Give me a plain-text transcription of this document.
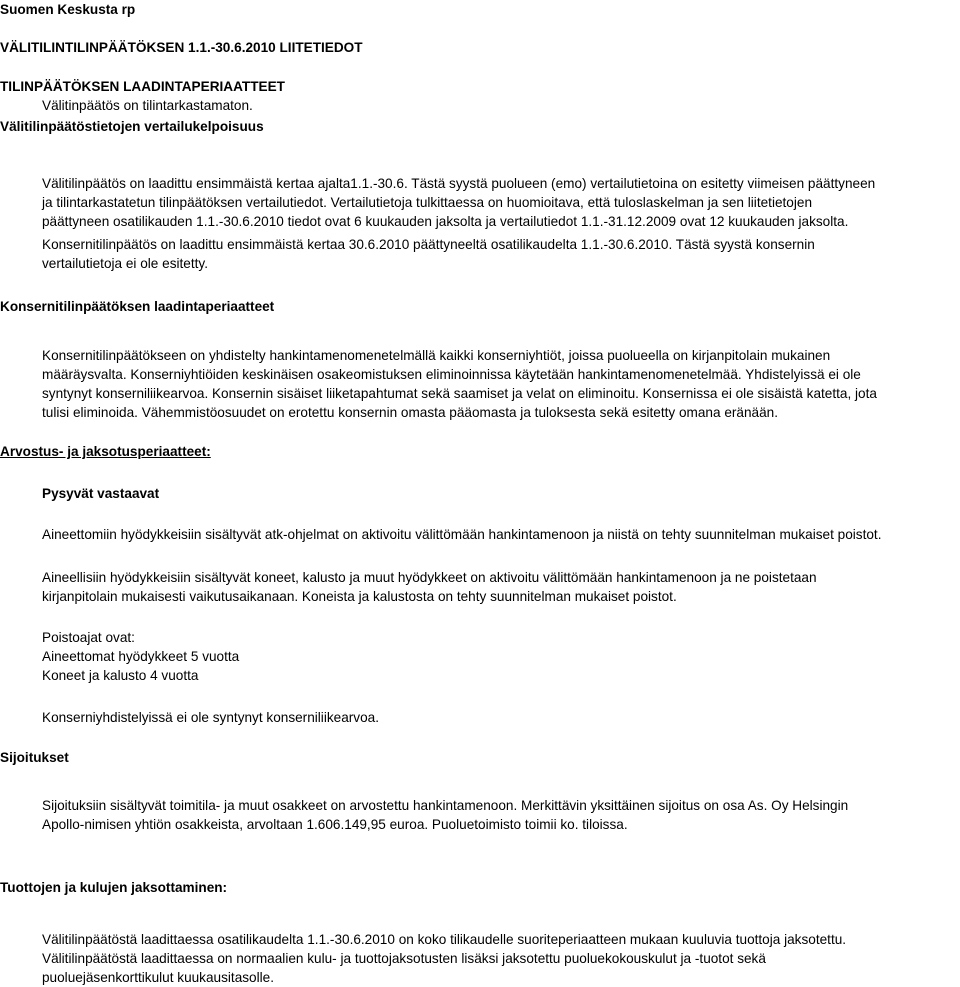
Suomen Keskusta rp

VÄLITILINTILINPÄÄTÖKSEN 1.1.-30.6.2010 LIITETIEDOT

TILINPÄÄTÖKSEN LAADINTAPERIAATTEET

Välitinpäätös on tilintarkastamaton.

Välitilinpäätöstietojen vertailukelpoisuus

Välitilinpäätös on laadittu ensimmäistä kertaa ajalta1.1.-30.6. Tästä syystä puolueen (emo) vertailutietoina on esitetty viimeisen päättyneen
ja tilintarkastatetun tilinpäätöksen vertailutiedot. Vertailutietoja tulkittaessa on huomioitava, että tuloslaskelman ja sen liitetietojen
päättyneen osatilikauden 1.1.-30.6.2010 tiedot ovat 6 kuukauden jaksolta ja vertailutiedot 1.1.-31.12.2009 ovat 12 kuukauden jaksolta.
Konsernitilinpäätös on laadittu ensimmäistä kertaa 30.6.2010 päättyneeltä osatilikaudelta 1.1.-30.6.2010. Tästä syystä konsernin
vertailutietoja ei ole esitetty.

Konsernitilinpäätöksen laadintaperiaatteet

Konsernitilinpäätökseen on yhdistelty hankintamenomenetelmällä kaikki konserniyhtiöt, joissa puolueella on kirjanpitolain mukainen
määräysvalta. Konserniyhtiöiden keskinäisen osakeomistuksen eliminoinnissa käytetään hankintamenomenetelmää. Yhdistelyissä ei ole
syntynyt konserniliikearvoa. Konsernin sisäiset liiketapahtumat sekä saamiset ja velat on eliminoitu. Konsernissa ei ole sisäistä katetta, jota
tulisi eliminoida. Vähemmistöosuudet on erotettu konsernin omasta pääomasta ja tuloksesta sekä esitetty omana eränään.

Arvostus- ja jaksotusperiaatteet:

Pysyvät vastaavat

Aineettomiin hyödykkeisiin sisältyvät atk-ohjelmat on aktivoitu välittömään hankintamenoon ja niistä on tehty suunnitelman mukaiset poistot.

Aineellisiin hyödykkeisiin sisältyvät koneet, kalusto ja muut hyödykkeet on aktivoitu välittömään hankintamenoon ja ne poistetaan
kirjanpitolain mukaisesti vaikutusaikanaan. Koneista ja kalustosta on tehty suunnitelman mukaiset poistot.
Poistoajat ovat:
Aineettomat hyödykkeet 5 vuotta
Koneet ja kalusto 4 vuotta

Konserniyhdistelyissä ei ole syntynyt konserniliikearvoa.

Sijoitukset

Sijoituksiin sisältyvät toimitila- ja muut osakkeet on arvostettu hankintamenoon. Merkittävin yksittäinen sijoitus on osa As. Oy Helsingin
Apollo-nimisen yhtiön osakkeista, arvoltaan 1.606.149,95 euroa. Puoluetoimisto toimii ko. tiloissa.

Tuottojen ja kulujen jaksottaminen:

Välitilinpäätöstä laadittaessa osatilikaudelta 1.1.-30.6.2010 on koko tilikaudelle suoriteperiaatteen mukaan kuuluvia tuottoja jaksotettu.
Välitilinpäätöstä laadittaessa on normaalien kulu- ja tuottojaksotusten lisäksi jaksotettu puoluekokouskulut ja -tuotot sekä
puoluejäsenkorttikulut kuukausitasolle.
